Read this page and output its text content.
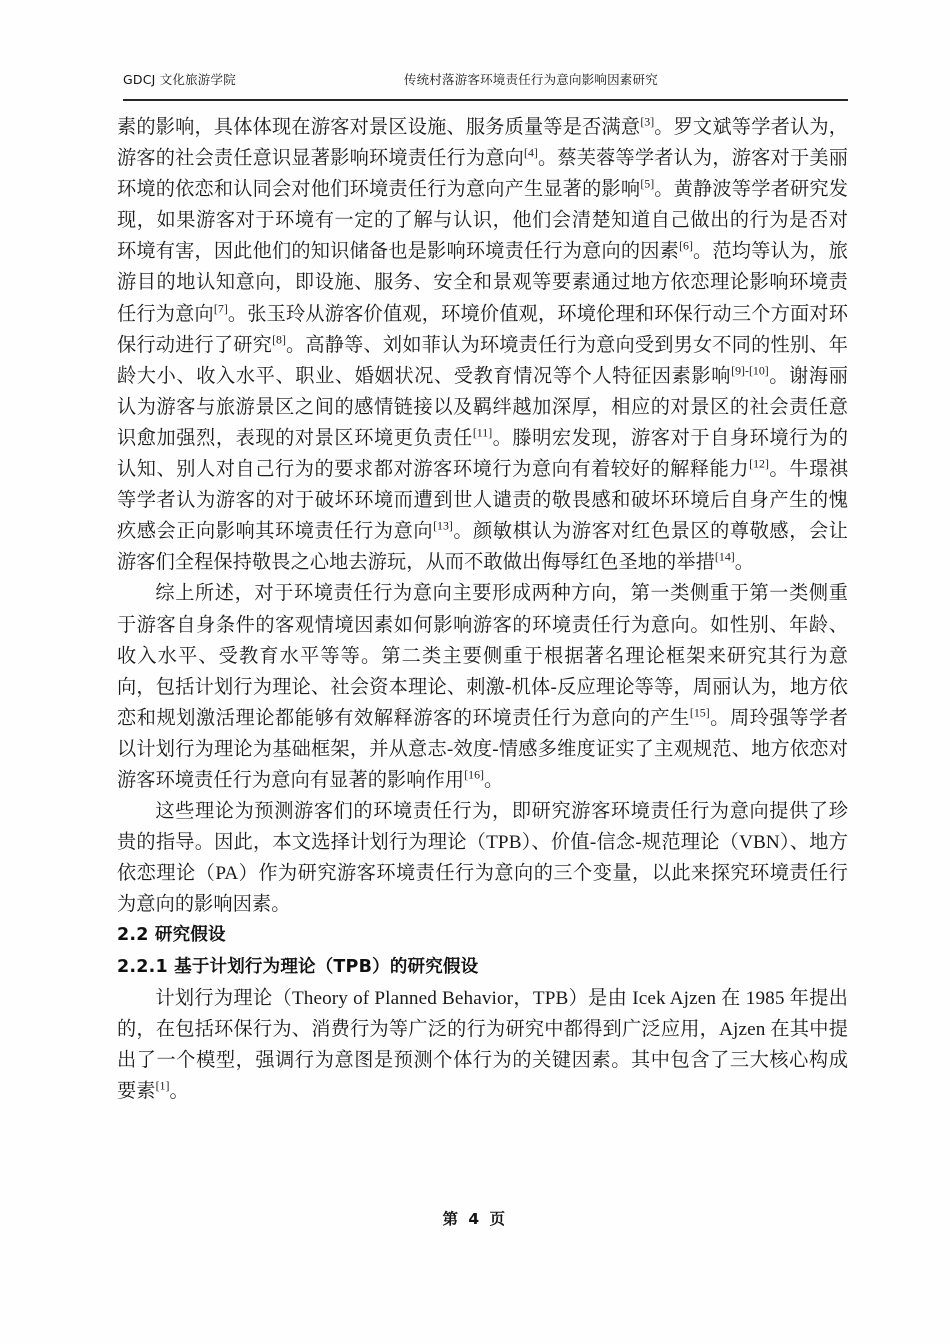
GDCJ 文化旅游学院	传统村落游客环境责任行为意向影响因素研究

素的影响，具体体现在游客对景区设施、服务质量等是否满意[3]。罗文斌等学者认为，游客的社会责任意识显著影响环境责任行为意向[4]。蔡芙蓉等学者认为，游客对于美丽环境的依恋和认同会对他们环境责任行为意向产生显著的影响[5]。黄静波等学者研究发现，如果游客对于环境有一定的了解与认识，他们会清楚知道自己做出的行为是否对环境有害，因此他们的知识储备也是影响环境责任行为意向的因素[6]。范均等认为，旅游目的地认知意向，即设施、服务、安全和景观等要素通过地方依恋理论影响环境责任行为意向[7]。张玉玲从游客价值观，环境价值观，环境伦理和环保行动三个方面对环保行动进行了研究[8]。高静等、刘如菲认为环境责任行为意向受到男女不同的性别、年龄大小、收入水平、职业、婚姻状况、受教育情况等个人特征因素影响[9]-[10]。谢海丽认为游客与旅游景区之间的感情链接以及羁绊越加深厚，相应的对景区的社会责任意识愈加强烈，表现的对景区环境更负责任[11]。滕明宏发现，游客对于自身环境行为的认知、别人对自己行为的要求都对游客环境行为意向有着较好的解释能力[12]。牛璟祺等学者认为游客的对于破坏环境而遭到世人谴责的敬畏感和破坏环境后自身产生的愧疚感会正向影响其环境责任行为意向[13]。颜敏棋认为游客对红色景区的尊敬感，会让游客们全程保持敬畏之心地去游玩，从而不敢做出侮辱红色圣地的举措[14]。

综上所述，对于环境责任行为意向主要形成两种方向，第一类侧重于第一类侧重于游客自身条件的客观情境因素如何影响游客的环境责任行为意向。如性别、年龄、收入水平、受教育水平等等。第二类主要侧重于根据著名理论框架来研究其行为意向，包括计划行为理论、社会资本理论、刺激-机体-反应理论等等，周丽认为，地方依恋和规划激活理论都能够有效解释游客的环境责任行为意向的产生[15]。周玲强等学者以计划行为理论为基础框架，并从意志-效度-情感多维度证实了主观规范、地方依恋对游客环境责任行为意向有显著的影响作用[16]。

这些理论为预测游客们的环境责任行为，即研究游客环境责任行为意向提供了珍贵的指导。因此，本文选择计划行为理论（TPB）、价值-信念-规范理论（VBN）、地方依恋理论（PA）作为研究游客环境责任行为意向的三个变量，以此来探究环境责任行为意向的影响因素。

2.2 研究假设
2.2.1 基于计划行为理论（TPB）的研究假设

计划行为理论（Theory of Planned Behavior，TPB）是由 Icek Ajzen 在 1985 年提出的，在包括环保行为、消费行为等广泛的行为研究中都得到广泛应用，Ajzen 在其中提出了一个模型，强调行为意图是预测个体行为的关键因素。其中包含了三大核心构成要素[1]。

第 4 页
